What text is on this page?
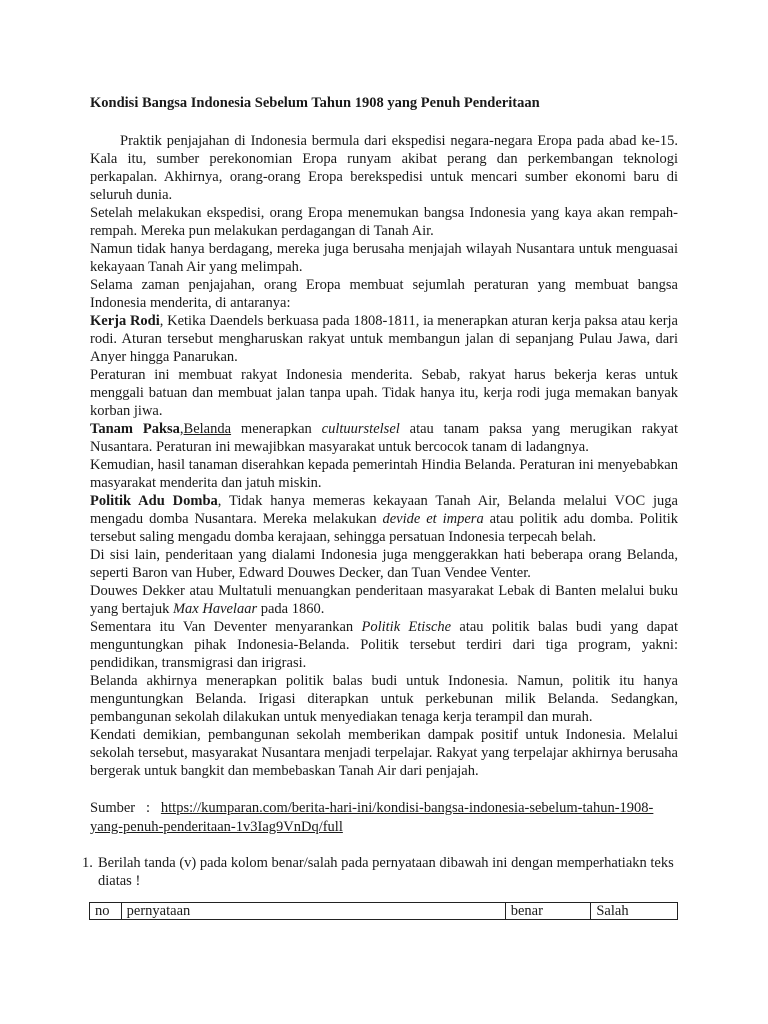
Kondisi Bangsa Indonesia Sebelum Tahun 1908 yang Penuh Penderitaan

Praktik penjajahan di Indonesia bermula dari ekspedisi negara-negara Eropa pada abad ke-15. Kala itu, sumber perekonomian Eropa runyam akibat perang dan perkembangan teknologi perkapalan. Akhirnya, orang-orang Eropa berekspedisi untuk mencari sumber ekonomi baru di seluruh dunia.

Setelah melakukan ekspedisi, orang Eropa menemukan bangsa Indonesia yang kaya akan rempah-rempah. Mereka pun melakukan perdagangan di Tanah Air.

Namun tidak hanya berdagang, mereka juga berusaha menjajah wilayah Nusantara untuk menguasai kekayaan Tanah Air yang melimpah.

Selama zaman penjajahan, orang Eropa membuat sejumlah peraturan yang membuat bangsa Indonesia menderita, di antaranya:

Kerja Rodi, Ketika Daendels berkuasa pada 1808-1811, ia menerapkan aturan kerja paksa atau kerja rodi. Aturan tersebut mengharuskan rakyat untuk membangun jalan di sepanjang Pulau Jawa, dari Anyer hingga Panarukan.

Peraturan ini membuat rakyat Indonesia menderita. Sebab, rakyat harus bekerja keras untuk menggali batuan dan membuat jalan tanpa upah. Tidak hanya itu, kerja rodi juga memakan banyak korban jiwa.

Tanam Paksa,Belanda menerapkan cultuurstelsel atau tanam paksa yang merugikan rakyat Nusantara. Peraturan ini mewajibkan masyarakat untuk bercocok tanam di ladangnya.

Kemudian, hasil tanaman diserahkan kepada pemerintah Hindia Belanda. Peraturan ini menyebabkan masyarakat menderita dan jatuh miskin.

Politik Adu Domba, Tidak hanya memeras kekayaan Tanah Air, Belanda melalui VOC juga mengadu domba Nusantara. Mereka melakukan devide et impera atau politik adu domba. Politik tersebut saling mengadu domba kerajaan, sehingga persatuan Indonesia terpecah belah.

Di sisi lain, penderitaan yang dialami Indonesia juga menggerakkan hati beberapa orang Belanda, seperti Baron van Huber, Edward Douwes Decker, dan Tuan Vendee Venter.

Douwes Dekker atau Multatuli menuangkan penderitaan masyarakat Lebak di Banten melalui buku yang bertajuk Max Havelaar pada 1860.

Sementara itu Van Deventer menyarankan Politik Etische atau politik balas budi yang dapat menguntungkan pihak Indonesia-Belanda. Politik tersebut terdiri dari tiga program, yakni: pendidikan, transmigrasi dan irigrasi.

Belanda akhirnya menerapkan politik balas budi untuk Indonesia. Namun, politik itu hanya menguntungkan Belanda. Irigasi diterapkan untuk perkebunan milik Belanda. Sedangkan, pembangunan sekolah dilakukan untuk menyediakan tenaga kerja terampil dan murah.

Kendati demikian, pembangunan sekolah memberikan dampak positif untuk Indonesia. Melalui sekolah tersebut, masyarakat Nusantara menjadi terpelajar. Rakyat yang terpelajar akhirnya berusaha bergerak untuk bangkit dan membebaskan Tanah Air dari penjajah.

Sumber : https://kumparan.com/berita-hari-ini/kondisi-bangsa-indonesia-sebelum-tahun-1908-
yang-penuh-penderitaan-1v3Iag9VnDq/full
1. Berilah tanda (v) pada kolom benar/salah pada pernyataan dibawah ini dengan memperhatiakn teks diatas !
no	pernyataan	benar	Salah
